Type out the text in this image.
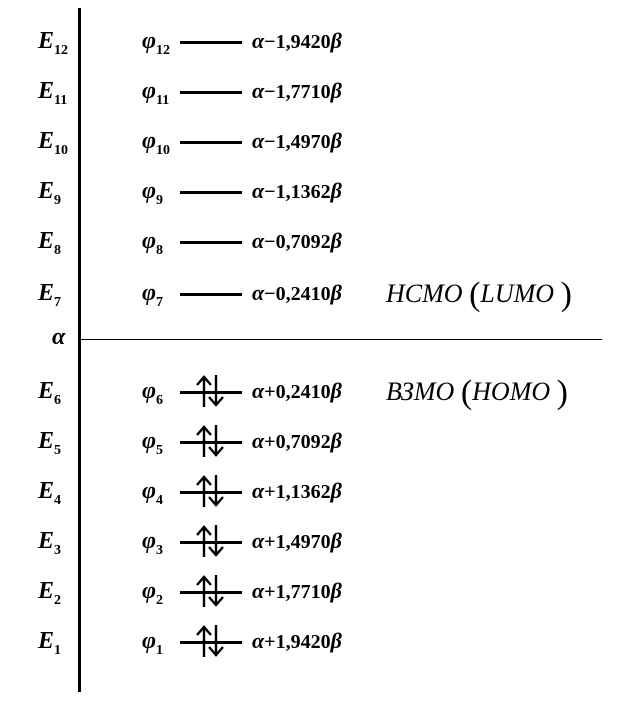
α
$E_{12}$	$\varphi_{12}$	α−1,9420β
$E_{11}$	$\varphi_{11}$	α−1,7710β
$E_{10}$	$\varphi_{10}$	α−1,4970β
$E_9$	$\varphi_9$	α−1,1362β
$E_8$	$\varphi_8$	α−0,7092β
$E_7$	$\varphi_7$	α−0,2410β
$E_6$	$\varphi_6$	α+0,2410β
$E_5$	$\varphi_5$	α+0,7092β
$E_4$	$\varphi_4$	α+1,1362β
$E_3$	$\varphi_3$	α+1,4970β
$E_2$	$\varphi_2$	α+1,7710β
$E_1$	$\varphi_1$	α+1,9420β
НСМО (LUMO )
ВЗМО (HOMO )
